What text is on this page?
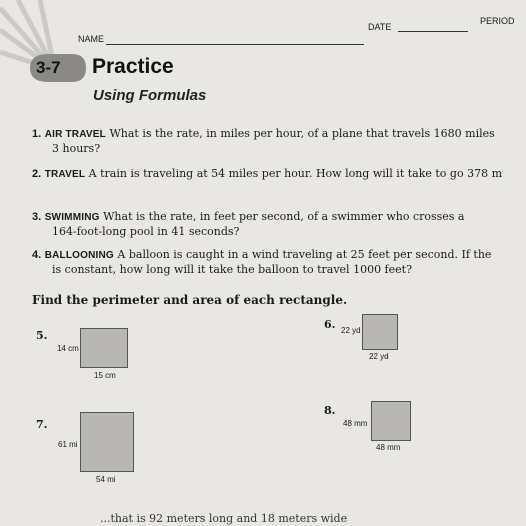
NAME
DATE
PERIOD
3-7 Practice
Using Formulas
1. AIR TRAVEL What is the rate, in miles per hour, of a plane that travels 1680 miles
3 hours?
2. TRAVEL A train is traveling at 54 miles per hour. How long will it take to go 378 m
3. SWIMMING What is the rate, in feet per second, of a swimmer who crosses a
164-foot-long pool in 41 seconds?
4. BALLOONING A balloon is caught in a wind traveling at 25 feet per second. If the
is constant, how long will it take the balloon to travel 1000 feet?
Find the perimeter and area of each rectangle.
5.
14 cm
15 cm
6. 22 yd
22 yd
7.
61 mi
54 mi
8.
48 mm
48 mm
...that is 92 meters long and 18 meters wide
